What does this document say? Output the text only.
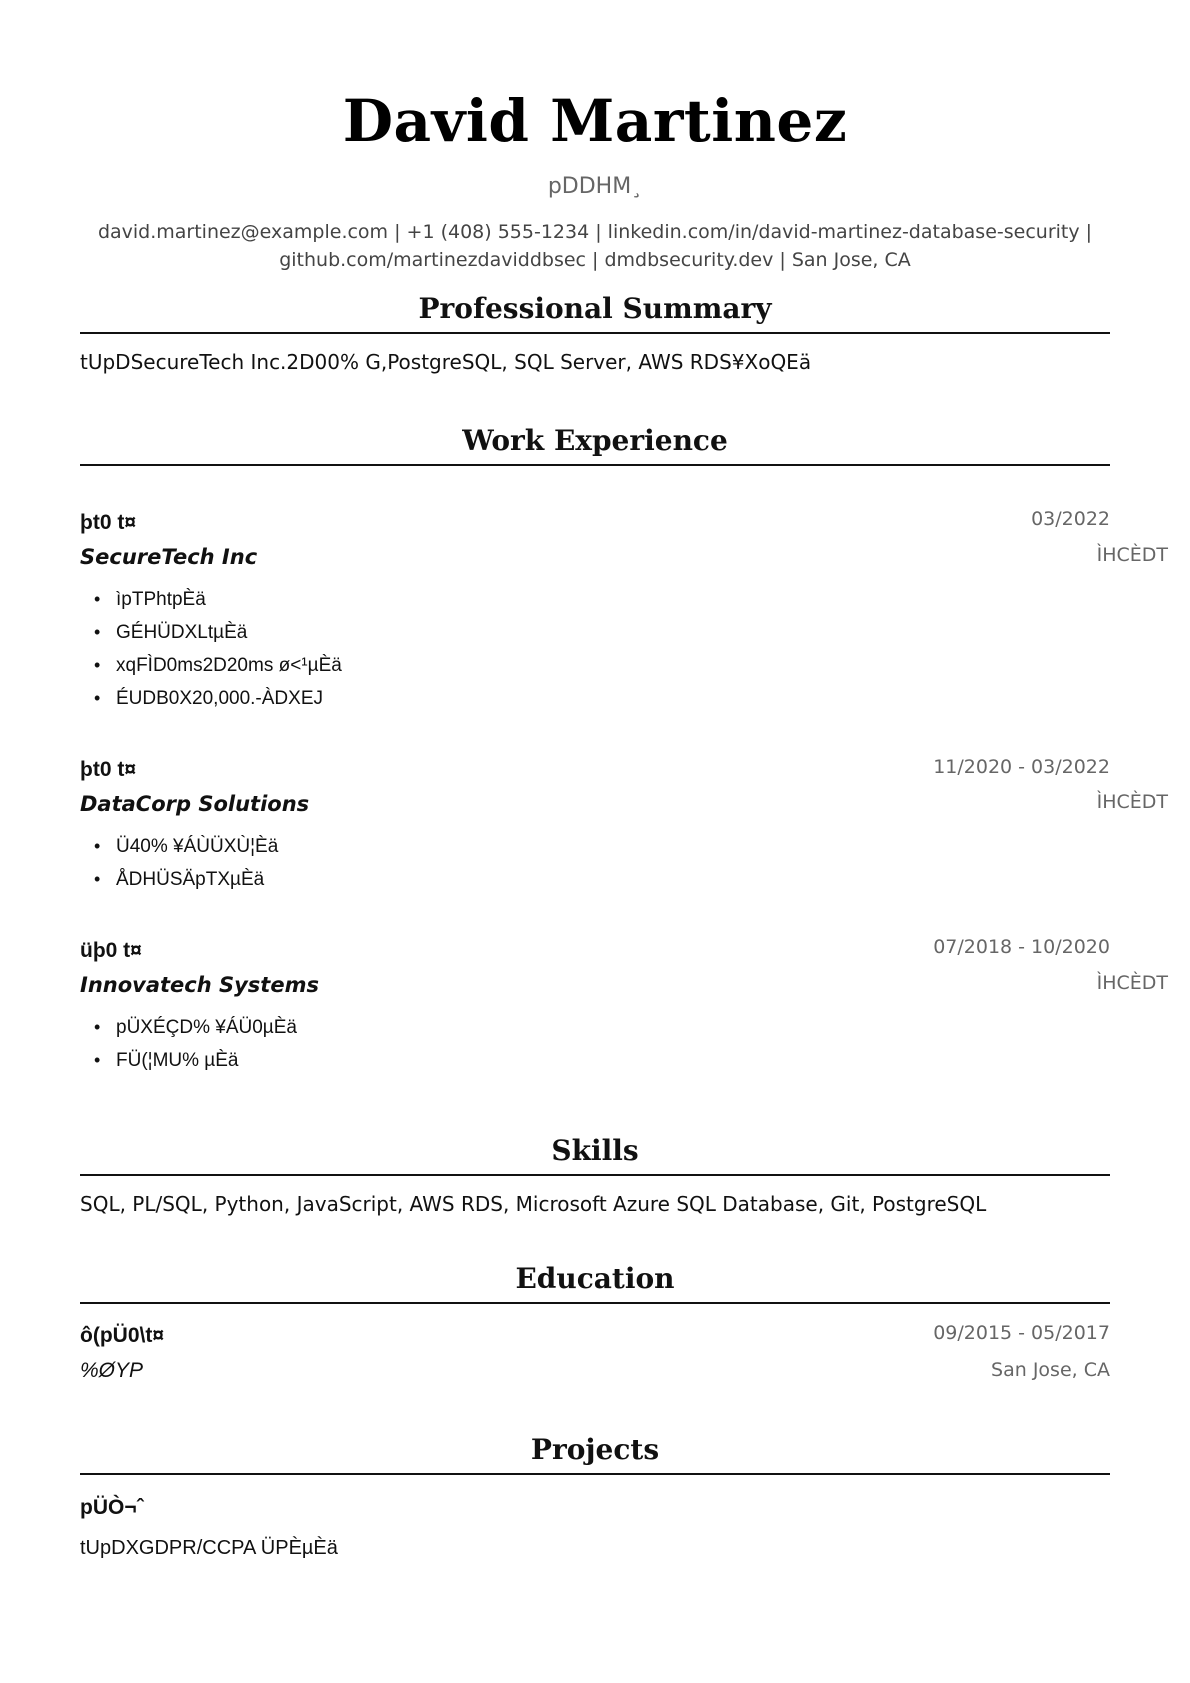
David Martinez
pDDHM¸
david.martinez@example.com | +1 (408) 555-1234 | linkedin.com/in/david-martinez-database-security |
github.com/martinezdaviddbsec | dmdbsecurity.dev | San Jose, CA
Professional Summary
tUpDSecureTech Inc.2D00% G,PostgreSQL, SQL Server, AWS RDS¥XoQEä
Work Experience
þt0 t¤	03/2022
SecureTech Inc	ÌHCÈDT
• ìpTPhtpÈä
• GÉHÜDXLtµÈä
• xqFÌD0ms2D20ms ø<¹µÈä
• ÉUDB0X20,000.-ÀDXEJ
þt0 t¤	11/2020 - 03/2022
DataCorp Solutions	ÌHCÈDT
• Ü40% ¥ÁÙÜXÙ¦Èä
• ÅDHÜSÄpTXµÈä
üþ0 t¤	07/2018 - 10/2020
Innovatech Systems	ÌHCÈDT
• pÜXÉÇD% ¥ÁÜ0µÈä
• FÜ(¦MU% µÈä
Skills
SQL, PL/SQL, Python, JavaScript, AWS RDS, Microsoft Azure SQL Database, Git, PostgreSQL
Education
ô(pÜ0\t¤	09/2015 - 05/2017
%ØYP	San Jose, CA
Projects
pÜÒ¬ˆ
tUpDXGDPR/CCPA ÜPÈµÈä
